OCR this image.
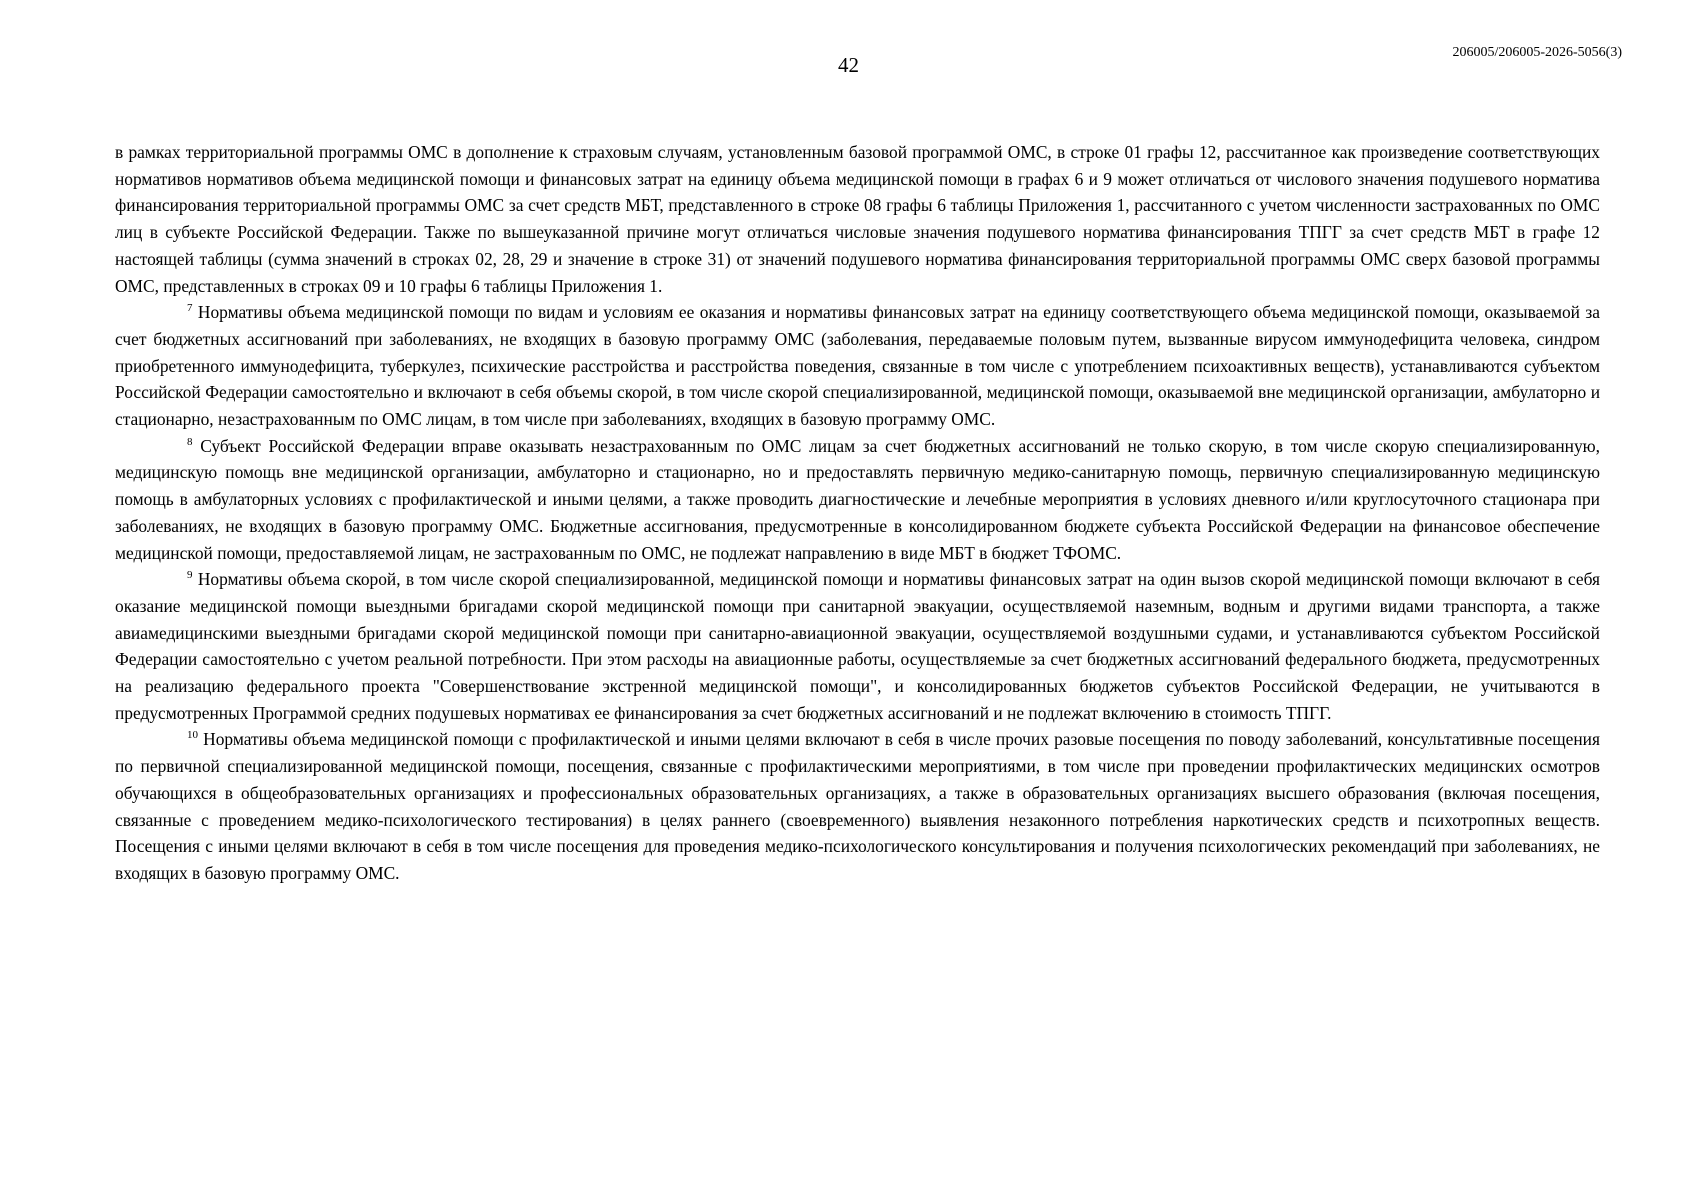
42
206005/206005-2026-5056(3)

в рамках территориальной программы ОМС в дополнение к страховым случаям, установленным базовой программой ОМС, в строке 01 графы 12, рассчитанное как произведение соответствующих нормативов нормативов объема медицинской помощи и финансовых затрат на единицу объема медицинской помощи в графах 6 и 9 может отличаться от числового значения подушевого норматива финансирования территориальной программы ОМС за счет средств МБТ, представленного в строке 08 графы 6 таблицы Приложения 1, рассчитанного с учетом численности застрахованных по ОМС лиц в субъекте Российской Федерации. Также по вышеуказанной причине могут отличаться числовые значения подушевого норматива финансирования ТПГГ за счет средств МБТ в графе 12 настоящей таблицы (сумма значений в строках 02, 28, 29 и значение в строке 31) от значений подушевого норматива финансирования территориальной программы ОМС сверх базовой программы ОМС, представленных в строках 09 и 10 графы 6 таблицы Приложения 1.

$^7$ Нормативы объема медицинской помощи по видам и условиям ее оказания и нормативы финансовых затрат на единицу соответствующего объема медицинской помощи, оказываемой за счет бюджетных ассигнований при заболеваниях, не входящих в базовую программу ОМС (заболевания, передаваемые половым путем, вызванные вирусом иммунодефицита человека, синдром приобретенного иммунодефицита, туберкулез, психические расстройства и расстройства поведения, связанные в том числе с употреблением психоактивных веществ), устанавливаются субъектом Российской Федерации самостоятельно и включают в себя объемы скорой, в том числе скорой специализированной, медицинской помощи, оказываемой вне медицинской организации, амбулаторно и стационарно, незастрахованным по ОМС лицам, в том числе при заболеваниях, входящих в базовую программу ОМС.

$^8$ Субъект Российской Федерации вправе оказывать незастрахованным по ОМС лицам за счет бюджетных ассигнований не только скорую, в том числе скорую специализированную, медицинскую помощь вне медицинской организации, амбулаторно и стационарно, но и предоставлять первичную медико-санитарную помощь, первичную специализированную медицинскую помощь в амбулаторных условиях с профилактической и иными целями, а также проводить диагностические и лечебные мероприятия в условиях дневного и/или круглосуточного стационара при заболеваниях, не входящих в базовую программу ОМС. Бюджетные ассигнования, предусмотренные в консолидированном бюджете субъекта Российской Федерации на финансовое обеспечение медицинской помощи, предоставляемой лицам, не застрахованным по ОМС, не подлежат направлению в виде МБТ в бюджет ТФОМС.

$^9$ Нормативы объема скорой, в том числе скорой специализированной, медицинской помощи и нормативы финансовых затрат на один вызов скорой медицинской помощи включают в себя оказание медицинской помощи выездными бригадами скорой медицинской помощи при санитарной эвакуации, осуществляемой наземным, водным и другими видами транспорта, а также авиамедицинскими выездными бригадами скорой медицинской помощи при санитарно-авиационной эвакуации, осуществляемой воздушными судами, и устанавливаются субъектом Российской Федерации самостоятельно с учетом реальной потребности. При этом расходы на авиационные работы, осуществляемые за счет бюджетных ассигнований федерального бюджета, предусмотренных на реализацию федерального проекта "Совершенствование экстренной медицинской помощи", и консолидированных бюджетов субъектов Российской Федерации, не учитываются в предусмотренных Программой средних подушевых нормативах ее финансирования за счет бюджетных ассигнований и не подлежат включению в стоимость ТПГГ.

$^{10}$ Нормативы объема медицинской помощи с профилактической и иными целями включают в себя в числе прочих разовые посещения по поводу заболеваний, консультативные посещения по первичной специализированной медицинской помощи, посещения, связанные с профилактическими мероприятиями, в том числе при проведении профилактических медицинских осмотров обучающихся в общеобразовательных организациях и профессиональных образовательных организациях, а также в образовательных организациях высшего образования (включая посещения, связанные с проведением медико-психологического тестирования) в целях раннего (своевременного) выявления незаконного потребления наркотических средств и психотропных веществ. Посещения с иными целями включают в себя в том числе посещения для проведения медико-психологического консультирования и получения психологических рекомендаций при заболеваниях, не входящих в базовую программу ОМС.
